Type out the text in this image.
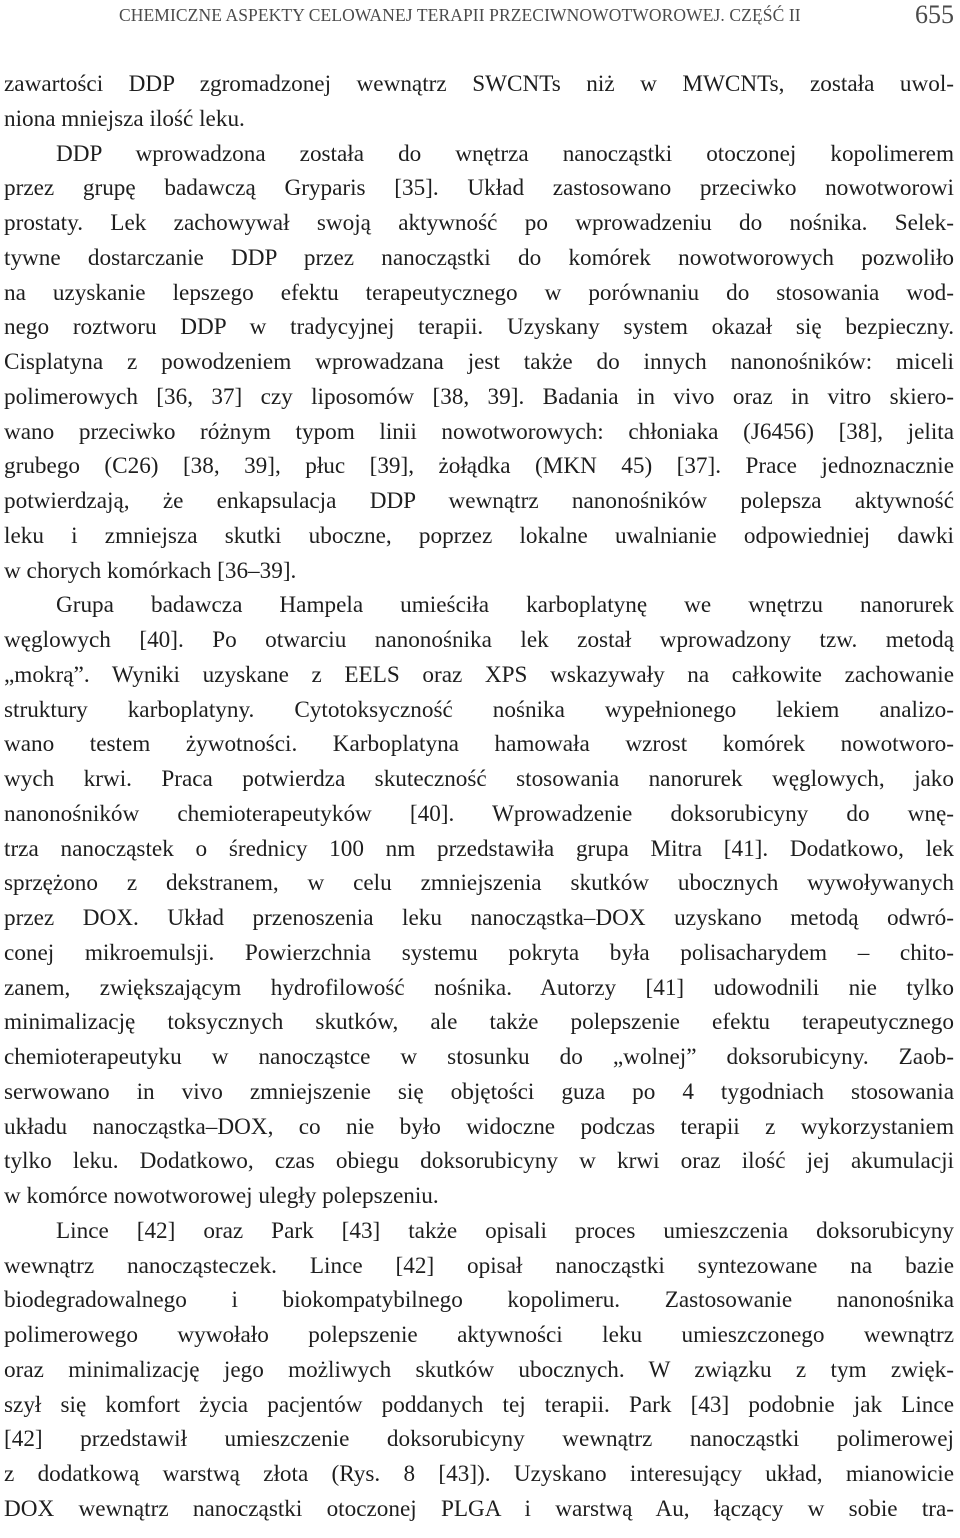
CHEMICZNE ASPEKTY CELOWANEJ TERAPII PRZECIWNOWOTWOROWEJ. CZĘŚĆ II	655
zawartości DDP zgromadzonej wewnątrz SWCNTs niż w MWCNTs, została uwol-
niona mniejsza ilość leku.
DDP wprowadzona została do wnętrza nanocząstki otoczonej kopolimerem
przez grupę badawczą Gryparis [35]. Układ zastosowano przeciwko nowotworowi
prostaty. Lek zachowywał swoją aktywność po wprowadzeniu do nośnika. Selek-
tywne dostarczanie DDP przez nanocząstki do komórek nowotworowych pozwoliło
na uzyskanie lepszego efektu terapeutycznego w porównaniu do stosowania wod-
nego roztworu DDP w tradycyjnej terapii. Uzyskany system okazał się bezpieczny.
Cisplatyna z powodzeniem wprowadzana jest także do innych nanonośników: miceli
polimerowych [36, 37] czy liposomów [38, 39]. Badania in vivo oraz in vitro skiero-
wano przeciwko różnym typom linii nowotworowych: chłoniaka (J6456) [38], jelita
grubego (C26) [38, 39], płuc [39], żołądka (MKN 45) [37]. Prace jednoznacznie
potwierdzają, że enkapsulacja DDP wewnątrz nanonośników polepsza aktywność
leku i zmniejsza skutki uboczne, poprzez lokalne uwalnianie odpowiedniej dawki
w chorych komórkach [36–39].
Grupa badawcza Hampela umieściła karboplatynę we wnętrzu nanorurek
węglowych [40]. Po otwarciu nanonośnika lek został wprowadzony tzw. metodą
„mokrą”. Wyniki uzyskane z EELS oraz XPS wskazywały na całkowite zachowanie
struktury karboplatyny. Cytotoksyczność nośnika wypełnionego lekiem analizo-
wano testem żywotności. Karboplatyna hamowała wzrost komórek nowotworo-
wych krwi. Praca potwierdza skuteczność stosowania nanorurek węglowych, jako
nanonośników chemioterapeutyków [40]. Wprowadzenie doksorubicyny do wnę-
trza nanocząstek o średnicy 100 nm przedstawiła grupa Mitra [41]. Dodatkowo, lek
sprzężono z dekstranem, w celu zmniejszenia skutków ubocznych wywoływanych
przez DOX. Układ przenoszenia leku nanocząstka–DOX uzyskano metodą odwró-
conej mikroemulsji. Powierzchnia systemu pokryta była polisacharydem – chito-
zanem, zwiększającym hydrofilowość nośnika. Autorzy [41] udowodnili nie tylko
minimalizację toksycznych skutków, ale także polepszenie efektu terapeutycznego
chemioterapeutyku w nanocząstce w stosunku do „wolnej” doksorubicyny. Zaob-
serwowano in vivo zmniejszenie się objętości guza po 4 tygodniach stosowania
układu nanocząstka–DOX, co nie było widoczne podczas terapii z wykorzystaniem
tylko leku. Dodatkowo, czas obiegu doksorubicyny w krwi oraz ilość jej akumulacji
w komórce nowotworowej uległy polepszeniu.
Lince [42] oraz Park [43] także opisali proces umieszczenia doksorubicyny
wewnątrz nanocząsteczek. Lince [42] opisał nanocząstki syntezowane na bazie
biodegradowalnego i biokompatybilnego kopolimeru. Zastosowanie nanonośnika
polimerowego wywołało polepszenie aktywności leku umieszczonego wewnątrz
oraz minimalizację jego możliwych skutków ubocznych. W związku z tym zwięk-
szył się komfort życia pacjentów poddanych tej terapii. Park [43] podobnie jak Lince
[42] przedstawił umieszczenie doksorubicyny wewnątrz nanocząstki polimerowej
z dodatkową warstwą złota (Rys. 8 [43]). Uzyskano interesujący układ, mianowicie
DOX wewnątrz nanocząstki otoczonej PLGA i warstwą Au, łączący w sobie tra-
